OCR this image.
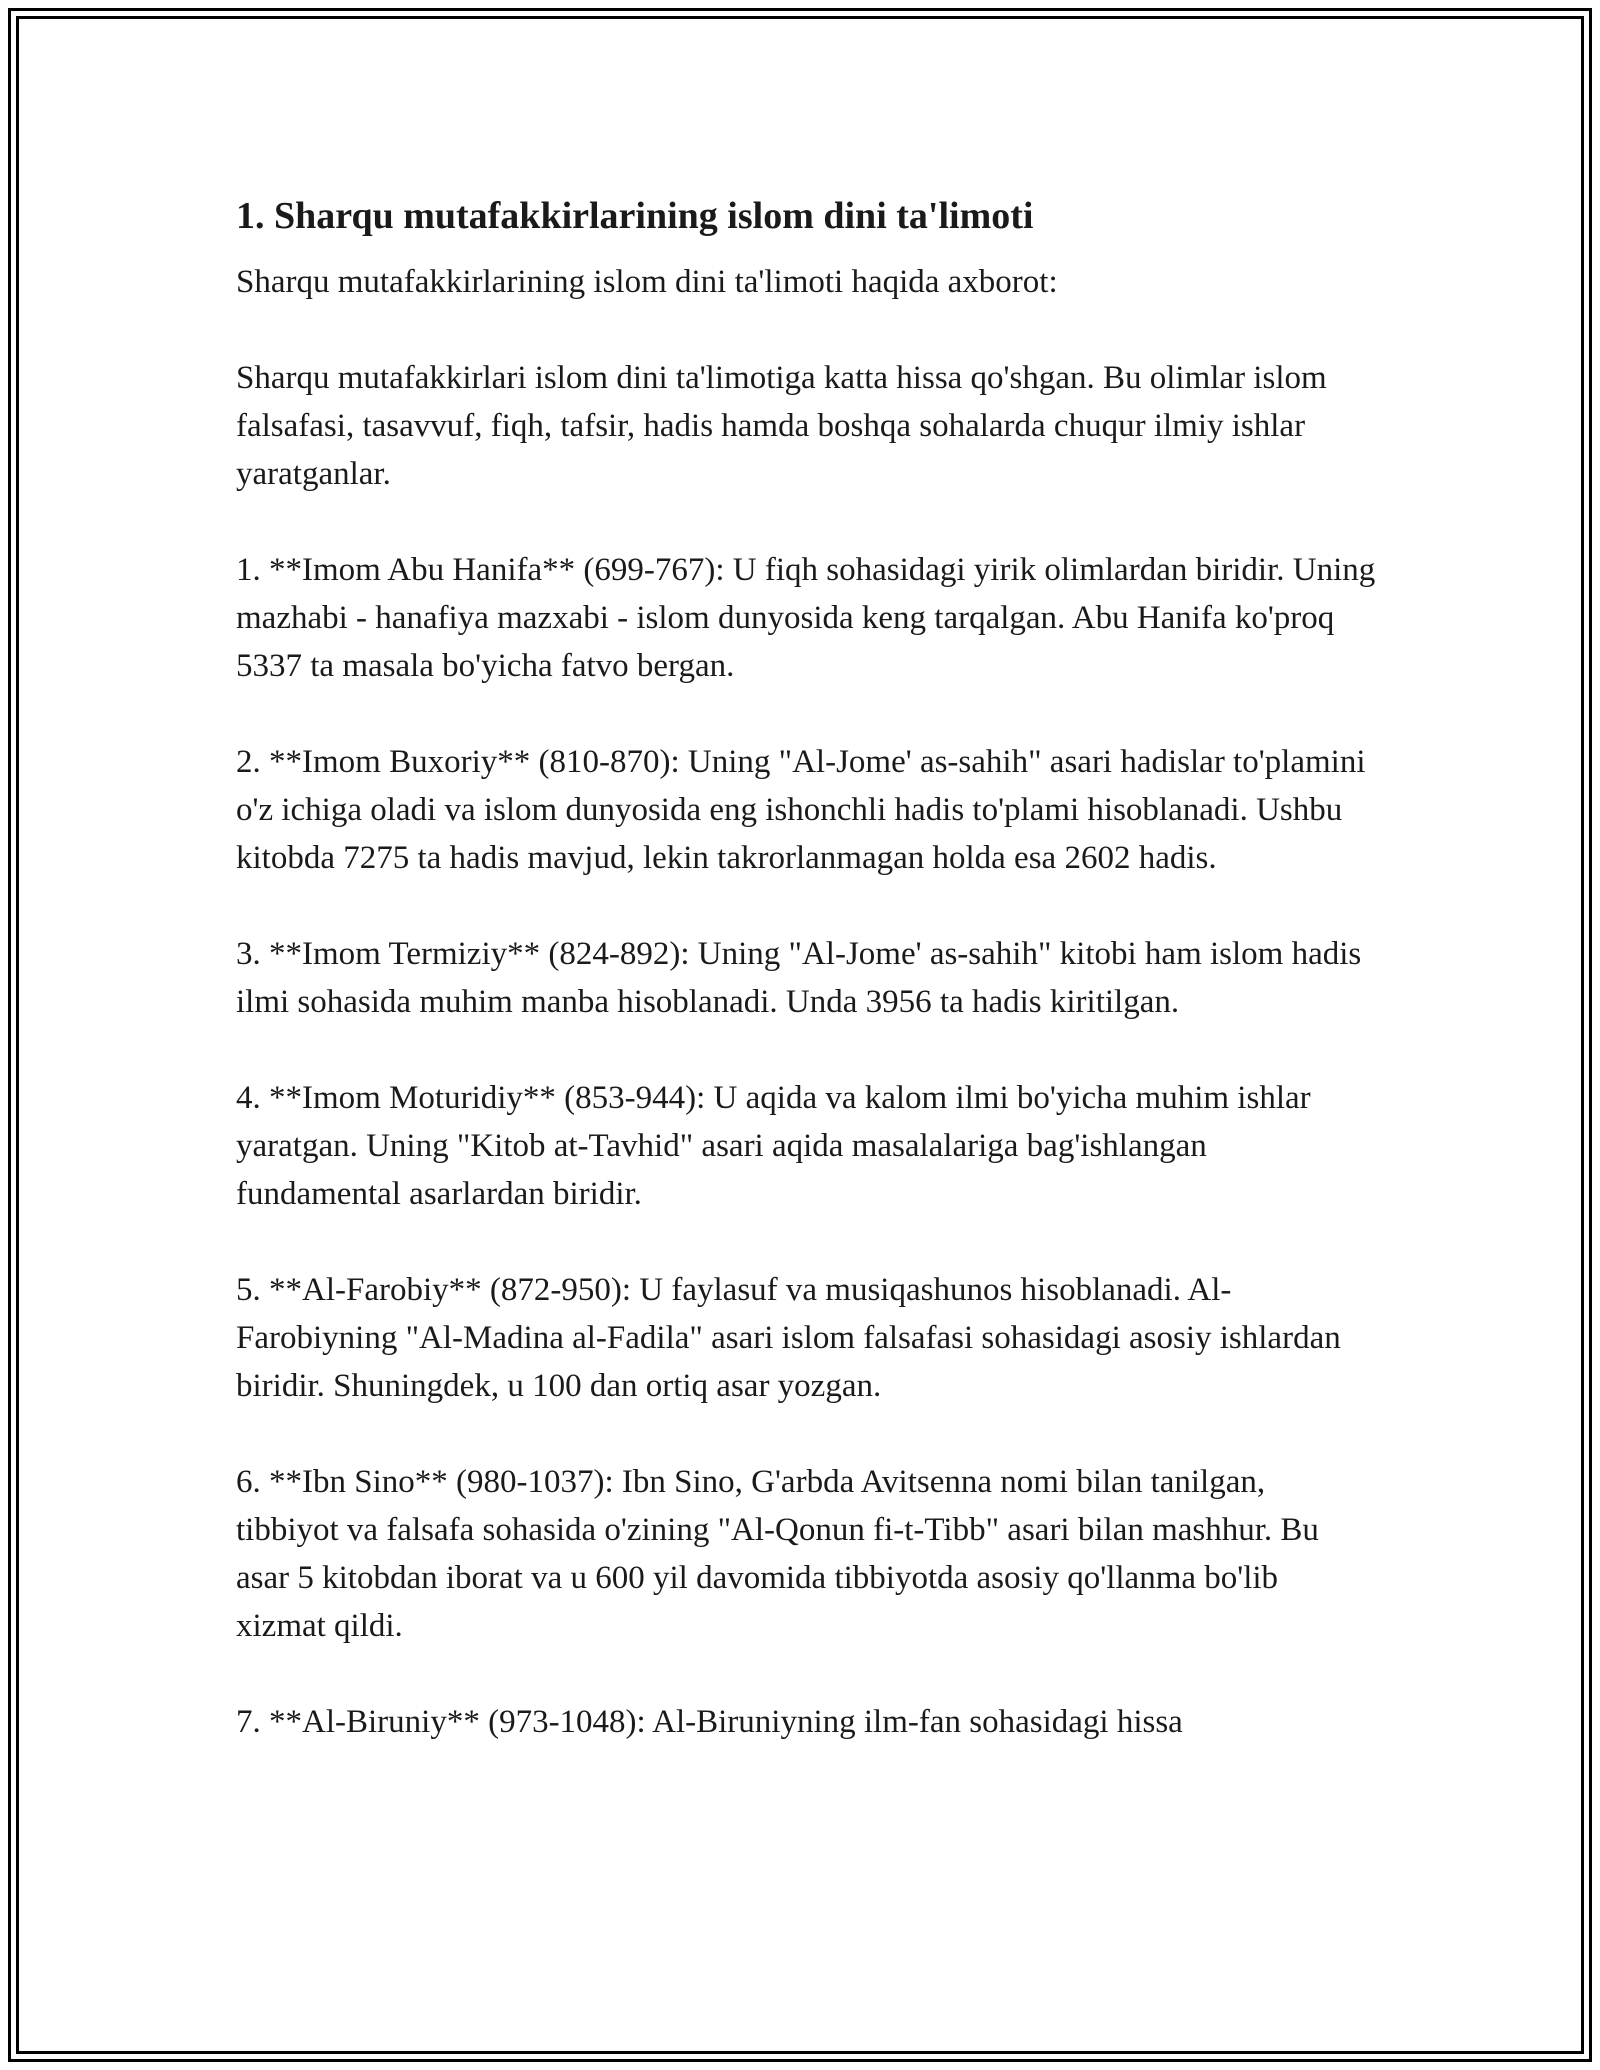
1. Sharqu mutafakkirlarining islom dini ta'limoti

Sharqu mutafakkirlarining islom dini ta'limoti haqida axborot:

Sharqu mutafakkirlari islom dini ta'limotiga katta hissa qo'shgan. Bu olimlar islom falsafasi, tasavvuf, fiqh, tafsir, hadis hamda boshqa sohalarda chuqur ilmiy ishlar yaratganlar.

1. **Imom Abu Hanifa** (699-767): U fiqh sohasidagi yirik olimlardan biridir. Uning mazhabi - hanafiya mazxabi - islom dunyosida keng tarqalgan. Abu Hanifa ko'proq 5337 ta masala bo'yicha fatvo bergan.

2. **Imom Buxoriy** (810-870): Uning "Al-Jome' as-sahih" asari hadislar to'plamini o'z ichiga oladi va islom dunyosida eng ishonchli hadis to'plami hisoblanadi. Ushbu kitobda 7275 ta hadis mavjud, lekin takrorlanmagan holda esa 2602 hadis.

3. **Imom Termiziy** (824-892): Uning "Al-Jome' as-sahih" kitobi ham islom hadis ilmi sohasida muhim manba hisoblanadi. Unda 3956 ta hadis kiritilgan.

4. **Imom Moturidiy** (853-944): U aqida va kalom ilmi bo'yicha muhim ishlar yaratgan. Uning "Kitob at-Tavhid" asari aqida masalalariga bag'ishlangan fundamental asarlardan biridir.

5. **Al-Farobiy** (872-950): U faylasuf va musiqashunos hisoblanadi. Al-Farobiyning "Al-Madina al-Fadila" asari islom falsafasi sohasidagi asosiy ishlardan biridir. Shuningdek, u 100 dan ortiq asar yozgan.

6. **Ibn Sino** (980-1037): Ibn Sino, G'arbda Avitsenna nomi bilan tanilgan, tibbiyot va falsafa sohasida o'zining "Al-Qonun fi-t-Tibb" asari bilan mashhur. Bu asar 5 kitobdan iborat va u 600 yil davomida tibbiyotda asosiy qo'llanma bo'lib xizmat qildi.

7. **Al-Biruniy** (973-1048): Al-Biruniyning ilm-fan sohasidagi hissa
